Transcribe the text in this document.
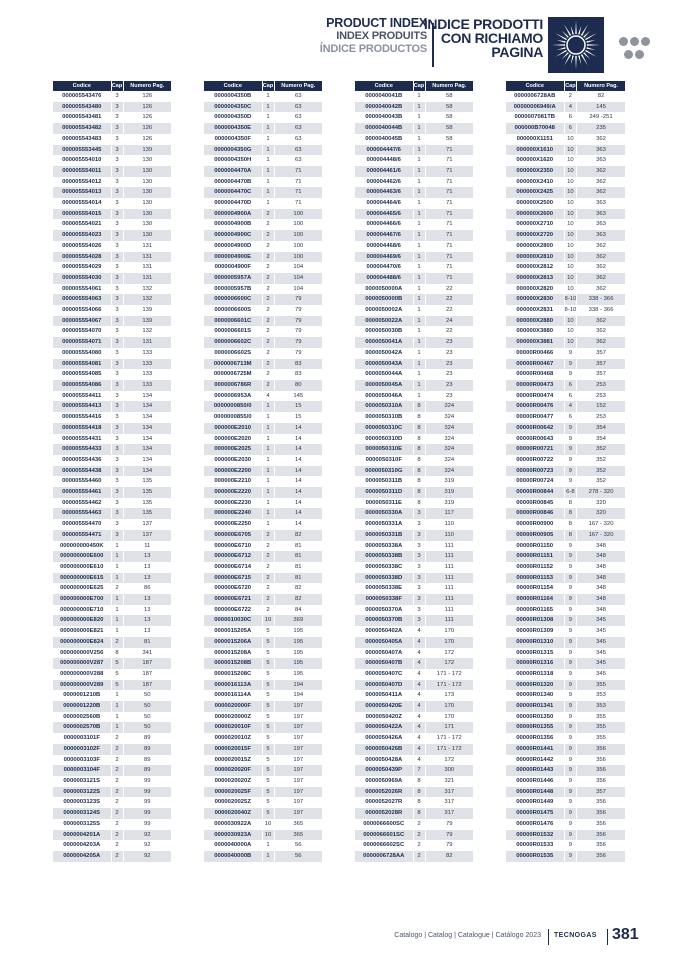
PRODUCT INDEX
INDEX PRODUITS
ÍNDICE PRODUCTOS
INDICE PRODOTTI
CON RICHIAMO
PAGINA
Codice	Cap	Numero Pag.
000005543476	3	126
000005543480	3	126
000005543481	3	126
000005543482	3	126
000005543483	3	126
000005553445	3	139
000005554010	3	130
000005554011	3	130
000005554012	3	130
000005554013	3	130
000005554014	3	130
000005554015	3	130
000005554021	3	130
000005554023	3	130
000005554026	3	131
000005554028	3	131
000005554029	3	131
000005554030	3	131
000005554061	3	132
000005554063	3	132
000005554066	3	139
000005554067	3	139
000005554070	3	132
000005554071	3	131
000005554080	3	133
000005554081	3	133
000005554085	3	133
000005554086	3	133
000005554411	3	134
000005554413	3	134
000005554416	3	134
000005554418	3	134
000005554431	3	134
000005554433	3	134
000005554436	3	134
000005554438	3	134
000005554460	3	135
000005554461	3	135
000005554462	3	135
000005554463	3	135
000005554470	3	137
000005554471	3	137
000000000450K	1	11
000000000E600	1	13
000000000E610	1	13
000000000E615	1	13
000000000E625	2	86
000000000E700	1	13
000000000E710	1	13
000000000E820	1	13
000000000E821	1	13
000000000E824	2	81
000000000V256	8	341
000000000V287	5	187
000000000V288	5	187
000000000V289	5	187
0000001210B	1	50
0000001220B	1	50
0000002560B	1	50
0000002570B	1	50
0000003101F	2	89
0000003102F	2	89
0000003103F	2	89
0000003104F	2	89
0000003121S	2	99
0000003122S	2	99
0000003123S	2	99
0000003124S	2	99
0000003125S	2	99
0000004201A	2	92
0000004203A	2	92
0000004205A	2	92
Codice	Cap	Numero Pag.
0000004350B	1	63
0000004350C	1	63
0000004350D	1	63
0000004350E	1	63
0000004350F	1	63
0000004350G	1	63
0000004350H	1	63
0000004470A	1	71
0000004470B	1	71
0000004470C	1	71
0000004470D	1	71
0000004900A	2	100
0000004900B	2	100
0000004900C	2	100
0000004900D	2	100
0000004900E	2	100
0000004900F	2	104
0000005957A	2	104
0000005957B	2	104
0000006600C	2	79
0000006600S	2	79
0000006601C	2	79
0000006601S	2	79
0000006602C	2	79
0000006602S	2	79
0000006713M	2	83
0000006725M	2	83
0000006786R	2	80
0000006953A	4	145
0000000850/0	1	15
0000000855/0	1	15
000000E2010	1	14
000000E2020	1	14
000000E2025	1	14
000000E2030	1	14
000000E2200	1	14
000000E2210	1	14
000000E2220	1	14
000000E2230	1	14
000000E2240	1	14
000000E2250	1	14
000000E6705	2	82
000000E6710	2	81
000000E6712	2	81
000000E6714	2	81
000000E6715	2	81
000000E6720	2	82
000000E6721	2	82
000000E6722	2	84
0000010030C	10	369
0000015205A	5	195
0000015206A	5	195
0000015208A	5	195
0000015208B	5	195
0000015208C	5	195
0000016113A	5	194
0000016114A	5	194
0000020000F	5	197
0000020000Z	5	197
0000020010F	5	197
0000020010Z	5	197
0000020015F	5	197
0000020015Z	5	197
0000020020F	5	197
0000020020Z	5	197
0000020025F	5	197
0000020025Z	5	197
0000020040Z	5	197
0000030922A	10	365
0000030923A	10	365
0000040000A	1	56
0000040000B	1	56
Codice	Cap	Numero Pag.
0000040041B	1	58
0000040042B	1	58
0000040043B	1	58
0000040044B	1	58
0000040045B	1	58
000004447/6	1	71
000004448/6	1	71
000004461/6	1	71
000004462/6	1	71
000004463/6	1	71
000004464/6	1	71
000004465/6	1	71
000004466/6	1	71
000004467/6	1	71
000004468/6	1	71
000004469/6	1	71
000004470/6	1	71
000004488/6	1	71
0000050000A	1	22
0000050000B	1	22
0000050002A	1	22
0000050022A	1	24
0000050030B	1	22
0000050041A	1	23
0000050042A	1	23
0000050043A	1	23
0000050044A	1	23
0000050045A	1	23
0000050046A	1	23
0000050310A	8	324
0000050310B	8	324
0000050310C	8	324
0000050310D	8	324
0000050310E	8	324
0000050310F	8	324
0000050310G	8	324
0000050311B	8	319
0000050311D	8	319
0000050311E	8	319
0000050330A	3	117
0000050331A	3	110
0000050331B	3	110
0000050338A	3	111
0000050338B	3	111
0000050338C	3	111
0000050338D	3	111
0000050338E	3	111
0000050338F	3	111
0000050370A	3	111
0000050370B	3	111
0000050402A	4	170
0000050405A	4	170
0000050407A	4	172
0000050407B	4	172
0000050407C	4	171 - 172
0000050407D	4	171 - 172
0000050411A	4	173
0000050420E	4	170
0000050420Z	4	170
0000050422A	4	171
0000050426A	4	171 - 172
0000050426B	4	171 - 172
0000050428A	4	172
0000050439P	7	300
0000050969A	8	321
0000052026R	8	317
0000052027R	8	317
0000052028R	8	317
0000066600SC	2	79
0000066601SC	2	79
0000066602SC	2	79
0000006728AA	2	82
Codice	Cap	Numero Pag.
0000006728AB	2	82
00000006949/A	4	145
0000007081TB	6	249 -251
000000B70048	6	235
000000X1151	10	362
000000X1610	10	363
000000X1620	10	363
000000X2350	10	362
000000X2410	10	362
000000X2425	10	362
000000X2500	10	363
000000X2600	10	363
000000X2710	10	363
000000X2720	10	363
000000X2800	10	362
000000X2810	10	362
000000X2812	10	362
000000X2813	10	362
000000X2820	10	362
000000X2830	8-10	338 - 366
000000X2831	8-10	338 - 366
000000X2880	10	362
000000X3880	10	362
000000X3881	10	362
00000R00466	9	357
00000R00467	9	357
00000R00468	9	357
00000R00473	6	253
00000R00474	6	253
00000R00476	4	152
00000R00477	6	253
00000R00642	9	354
00000R00643	9	354
00000R00721	9	352
00000R00722	9	352
00000R00723	9	352
00000R00724	9	352
00000R00844	6-8	278 - 320
00000R00845	8	320
00000R00846	8	320
00000R00900	8	167 - 320
00000R00905	8	167 - 320
00000R01150	9	348
00000R01151	9	348
00000R01152	9	348
00000R01153	9	348
00000R01154	9	348
00000R01164	9	348
00000R01165	9	348
00000R01308	9	345
00000R01309	9	345
00000R01310	9	345
00000R01315	9	345
00000R01316	9	345
00000R01318	9	345
00000R01320	9	355
00000R01340	9	353
00000R01341	9	353
00000R01350	9	355
00000R01355	9	355
00000R01356	9	355
00000R01441	9	356
00000R01442	9	356
00000R01443	9	356
00000R01446	9	356
00000R01448	9	357
00000R01449	9	356
00000R01475	9	356
00000R01476	9	356
00000R01532	9	356
00000R01533	9	356
00000R01535	9	356
Catalogo | Catalog | Catalogue | Catálogo 2023 TECNOGAS 381
